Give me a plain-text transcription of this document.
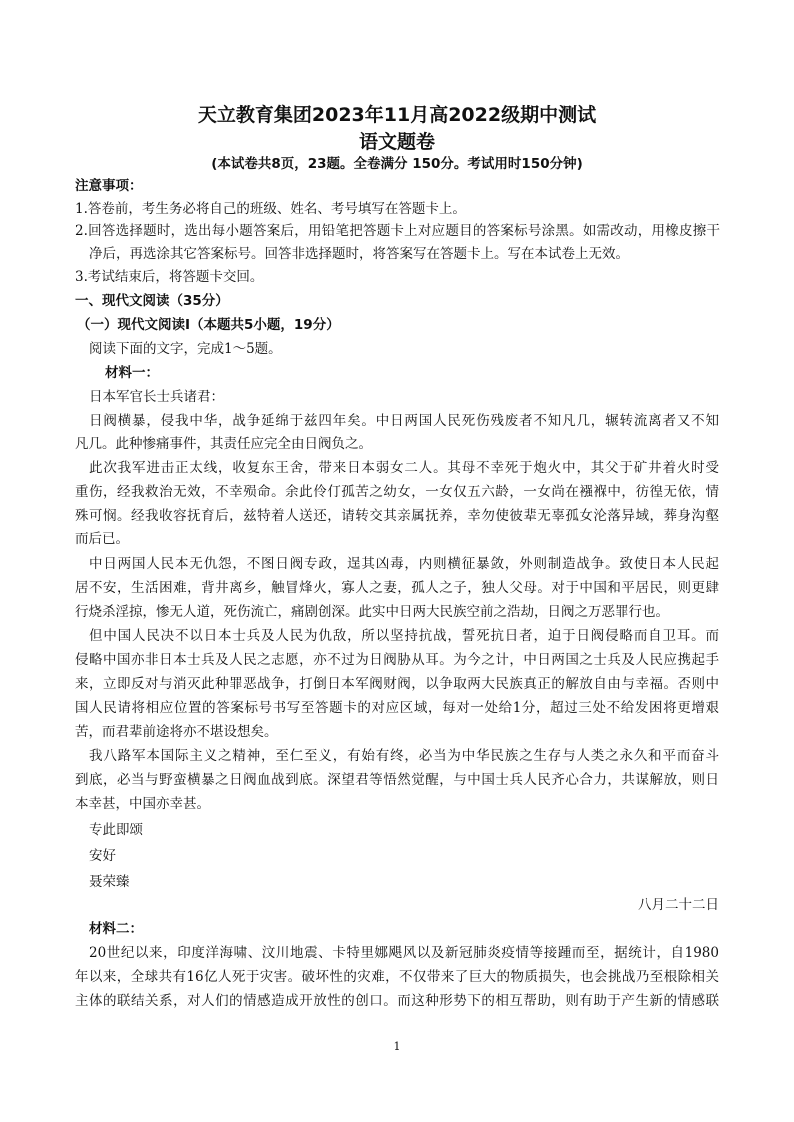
天立教育集团2023年11月高2022级期中测试
语文题卷
(本试卷共8页，23题。全卷满分 150分。考试用时150分钟)
注意事项：
1.答卷前，考生务必将自己的班级、姓名、考号填写在答题卡上。
2.回答选择题时，选出每小题答案后，用铅笔把答题卡上对应题目的答案标号涂黑。如需改动，用橡皮擦干
净后，再选涂其它答案标号。回答非选择题时，将答案写在答题卡上。写在本试卷上无效。
3.考试结束后，将答题卡交回。
一、现代文阅读（35分）
（一）现代文阅读Ⅰ（本题共5小题，19分）
阅读下面的文字，完成1～5题。
材料一：
日本军官长士兵诸君：
日阀横暴，侵我中华，战争延绵于兹四年矣。中日两国人民死伤残废者不知凡几，辗转流离者又不知
凡几。此种惨痛事件，其责任应完全由日阀负之。
此次我军进击正太线，收复东王舍，带来日本弱女二人。其母不幸死于炮火中，其父于矿井着火时受
重伤，经我救治无效，不幸殒命。余此伶仃孤苦之幼女，一女仅五六龄，一女尚在襁褓中，彷徨无依，情
殊可悯。经我收容抚育后，兹特着人送还，请转交其亲属抚养，幸勿使彼辈无辜孤女沦落异域，葬身沟壑
而后已。
中日两国人民本无仇怨，不图日阀专政，逞其凶毒，内则横征暴敛，外则制造战争。致使日本人民起
居不安，生活困难，背井离乡，触冒烽火，寡人之妻，孤人之子，独人父母。对于中国和平居民，则更肆
行烧杀淫掠，惨无人道，死伤流亡，痛剧创深。此实中日两大民族空前之浩劫，日阀之万恶罪行也。
但中国人民决不以日本士兵及人民为仇敌，所以坚持抗战，誓死抗日者，迫于日阀侵略而自卫耳。而
侵略中国亦非日本士兵及人民之志愿，亦不过为日阀胁从耳。为今之计，中日两国之士兵及人民应携起手
来，立即反对与消灭此种罪恶战争，打倒日本军阀财阀，以争取两大民族真正的解放自由与幸福。否则中
国人民请将相应位置的答案标号书写至答题卡的对应区域，每对一处给1分，超过三处不给发困将更增艰
苦，而君辈前途将亦不堪设想矣。
我八路军本国际主义之精神，至仁至义，有始有终，必当为中华民族之生存与人类之永久和平而奋斗
到底，必当与野蛮横暴之日阀血战到底。深望君等悟然觉醒，与中国士兵人民齐心合力，共谋解放，则日
本幸甚，中国亦幸甚。
专此即颂
安好
聂荣臻
八月二十二日
材料二：
20世纪以来，印度洋海啸、汶川地震、卡特里娜飓风以及新冠肺炎疫情等接踵而至，据统计，自1980
年以来，全球共有16亿人死于灾害。破坏性的灾难，不仅带来了巨大的物质损失，也会挑战乃至根除相关
主体的联结关系，对人们的情感造成开放性的创口。而这种形势下的相互帮助，则有助于产生新的情感联
1
